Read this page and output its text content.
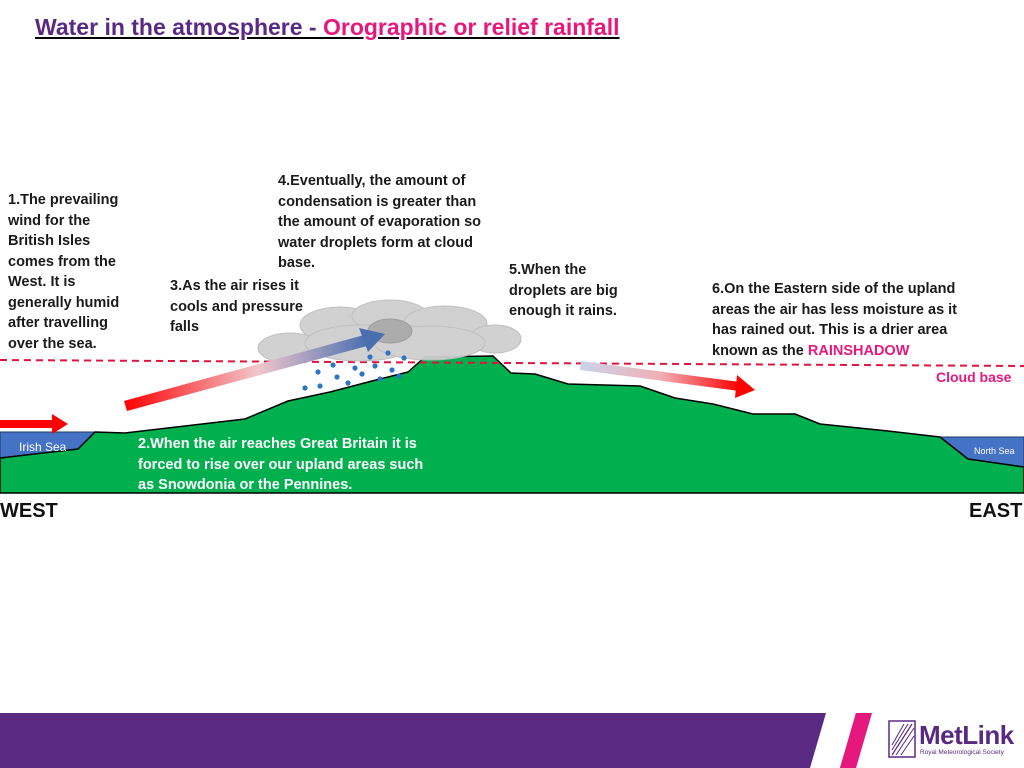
Water in the atmosphere - Orographic or relief rainfall
1.The prevailing wind for the British Isles comes from the West. It is generally humid after travelling over the sea.
3.As the air rises it cools and pressure falls
4.Eventually, the amount of condensation is greater than the amount of evaporation so water droplets form at cloud base.	5.When the droplets are big enough it rains.
6.On the Eastern side of the upland areas the air has less moisture as it has rained out. This is a drier area known as the RAINSHADOW
2.When the air reaches Great Britain it is forced to rise over our upland areas such as Snowdonia or the Pennines.
Irish Sea	North Sea
Cloud base
WEST	EAST
MetLink
Royal Meteorological Society
